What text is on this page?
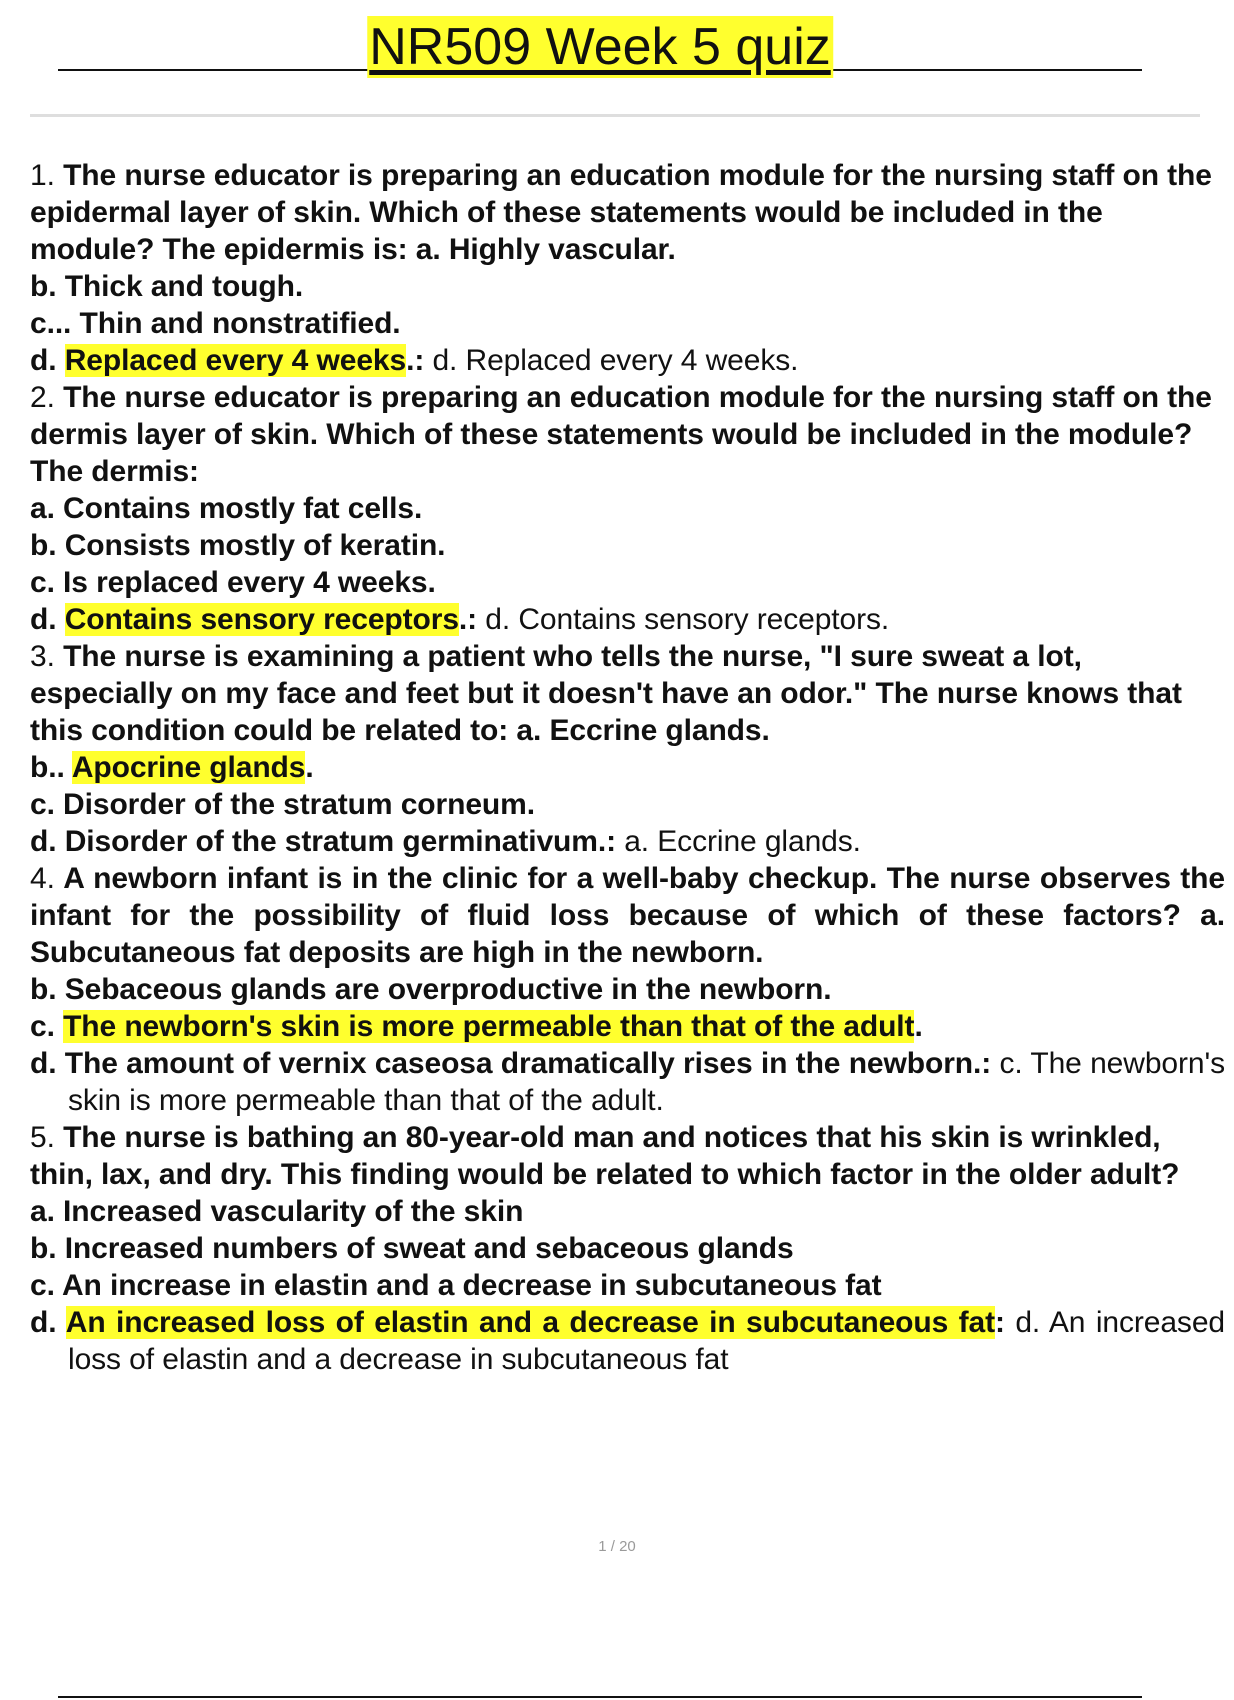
NR509 Week 5 quiz

1. The nurse educator is preparing an education module for the nursing staff on the epidermal layer of skin. Which of these statements would be included in the module? The epidermis is: a. Highly vascular.

b. Thick and tough.

c... Thin and nonstratified.

d. Replaced every 4 weeks.: d. Replaced every 4 weeks.

2. The nurse educator is preparing an education module for the nursing staff on the dermis layer of skin. Which of these statements would be included in the module? The dermis:

a. Contains mostly fat cells.

b. Consists mostly of keratin.

c. Is replaced every 4 weeks.

d. Contains sensory receptors.: d. Contains sensory receptors.

3. The nurse is examining a patient who tells the nurse, "I sure sweat a lot, especially on my face and feet but it doesn't have an odor." The nurse knows that this condition could be related to: a. Eccrine glands.

b.. Apocrine glands.

c. Disorder of the stratum corneum.

d. Disorder of the stratum germinativum.: a. Eccrine glands.

4. A newborn infant is in the clinic for a well-baby checkup. The nurse observes the infant for the possibility of fluid loss because of which of these factors? a. Subcutaneous fat deposits are high in the newborn.

b. Sebaceous glands are overproductive in the newborn.

c. The newborn's skin is more permeable than that of the adult.

d. The amount of vernix caseosa dramatically rises in the newborn.: c. The newborn's skin is more permeable than that of the adult.

5. The nurse is bathing an 80-year-old man and notices that his skin is wrinkled, thin, lax, and dry. This finding would be related to which factor in the older adult?

a. Increased vascularity of the skin

b. Increased numbers of sweat and sebaceous glands

c. An increase in elastin and a decrease in subcutaneous fat

d. An increased loss of elastin and a decrease in subcutaneous fat: d. An increased loss of elastin and a decrease in subcutaneous fat

1 / 20
